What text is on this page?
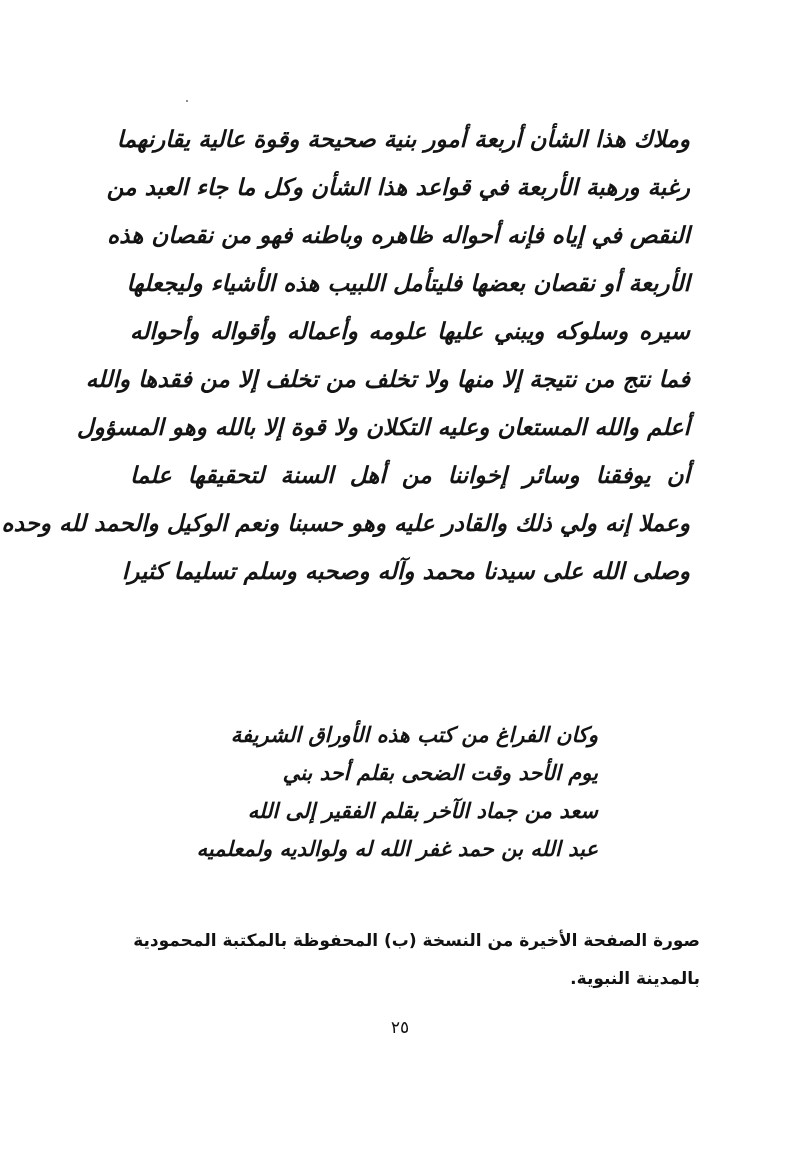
وملاك هذا الشأن أربعة أمور بنية صحيحة وقوة عالية يقارنهما
رغبة ورهبة الأربعة في قواعد هذا الشأن وكل ما جاء العبد من
النقص في إياه فإنه أحواله ظاهره وباطنه فهو من نقصان هذه
الأربعة أو نقصان بعضها فليتأمل اللبيب هذه الأشياء وليجعلها
سيره وسلوكه ويبني عليها علومه وأعماله وأقواله وأحواله
فما نتج من نتيجة إلا منها ولا تخلف من تخلف إلا من فقدها والله
أعلم والله المستعان وعليه التكلان ولا قوة إلا بالله وهو المسؤول
أن يوفقنا وسائر إخواننا من أهل السنة لتحقيقها علما
وعملا إنه ولي ذلك والقادر عليه وهو حسبنا ونعم الوكيل والحمد لله وحده
وصلى الله على سيدنا محمد وآله وصحبه وسلم تسليما كثيرا
وكان الفراغ من كتب هذه الأوراق الشريفة
يوم الأحد وقت الضحى بقلم أحد بني
سعد من جماد الآخر بقلم الفقير إلى الله
عبد الله بن حمد غفر الله له ولوالديه ولمعلميه
صورة الصفحة الأخيرة من النسخة (ب) المحفوظة بالمكتبة المحمودية
بالمدينة النبوية.
٢٥
